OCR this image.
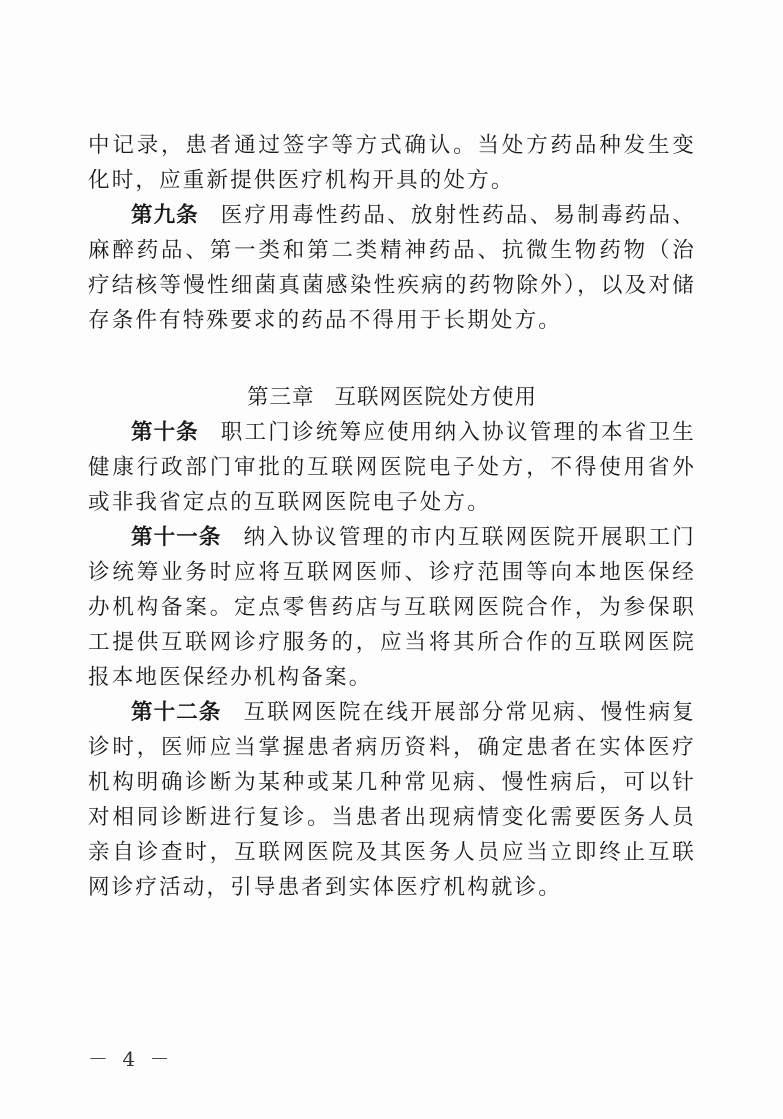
中记录，患者通过签字等方式确认。当处方药品种发生变化时，应重新提供医疗机构开具的处方。

第九条 医疗用毒性药品、放射性药品、易制毒药品、麻醉药品、第一类和第二类精神药品、抗微生物药物（治疗结核等慢性细菌真菌感染性疾病的药物除外），以及对储存条件有特殊要求的药品不得用于长期处方。

第三章 互联网医院处方使用

第十条 职工门诊统筹应使用纳入协议管理的本省卫生健康行政部门审批的互联网医院电子处方，不得使用省外或非我省定点的互联网医院电子处方。

第十一条 纳入协议管理的市内互联网医院开展职工门诊统筹业务时应将互联网医师、诊疗范围等向本地医保经办机构备案。定点零售药店与互联网医院合作，为参保职工提供互联网诊疗服务的，应当将其所合作的互联网医院报本地医保经办机构备案。

第十二条 互联网医院在线开展部分常见病、慢性病复诊时，医师应当掌握患者病历资料，确定患者在实体医疗机构明确诊断为某种或某几种常见病、慢性病后，可以针对相同诊断进行复诊。当患者出现病情变化需要医务人员亲自诊查时，互联网医院及其医务人员应当立即终止互联网诊疗活动，引导患者到实体医疗机构就诊。

－ 4 －
